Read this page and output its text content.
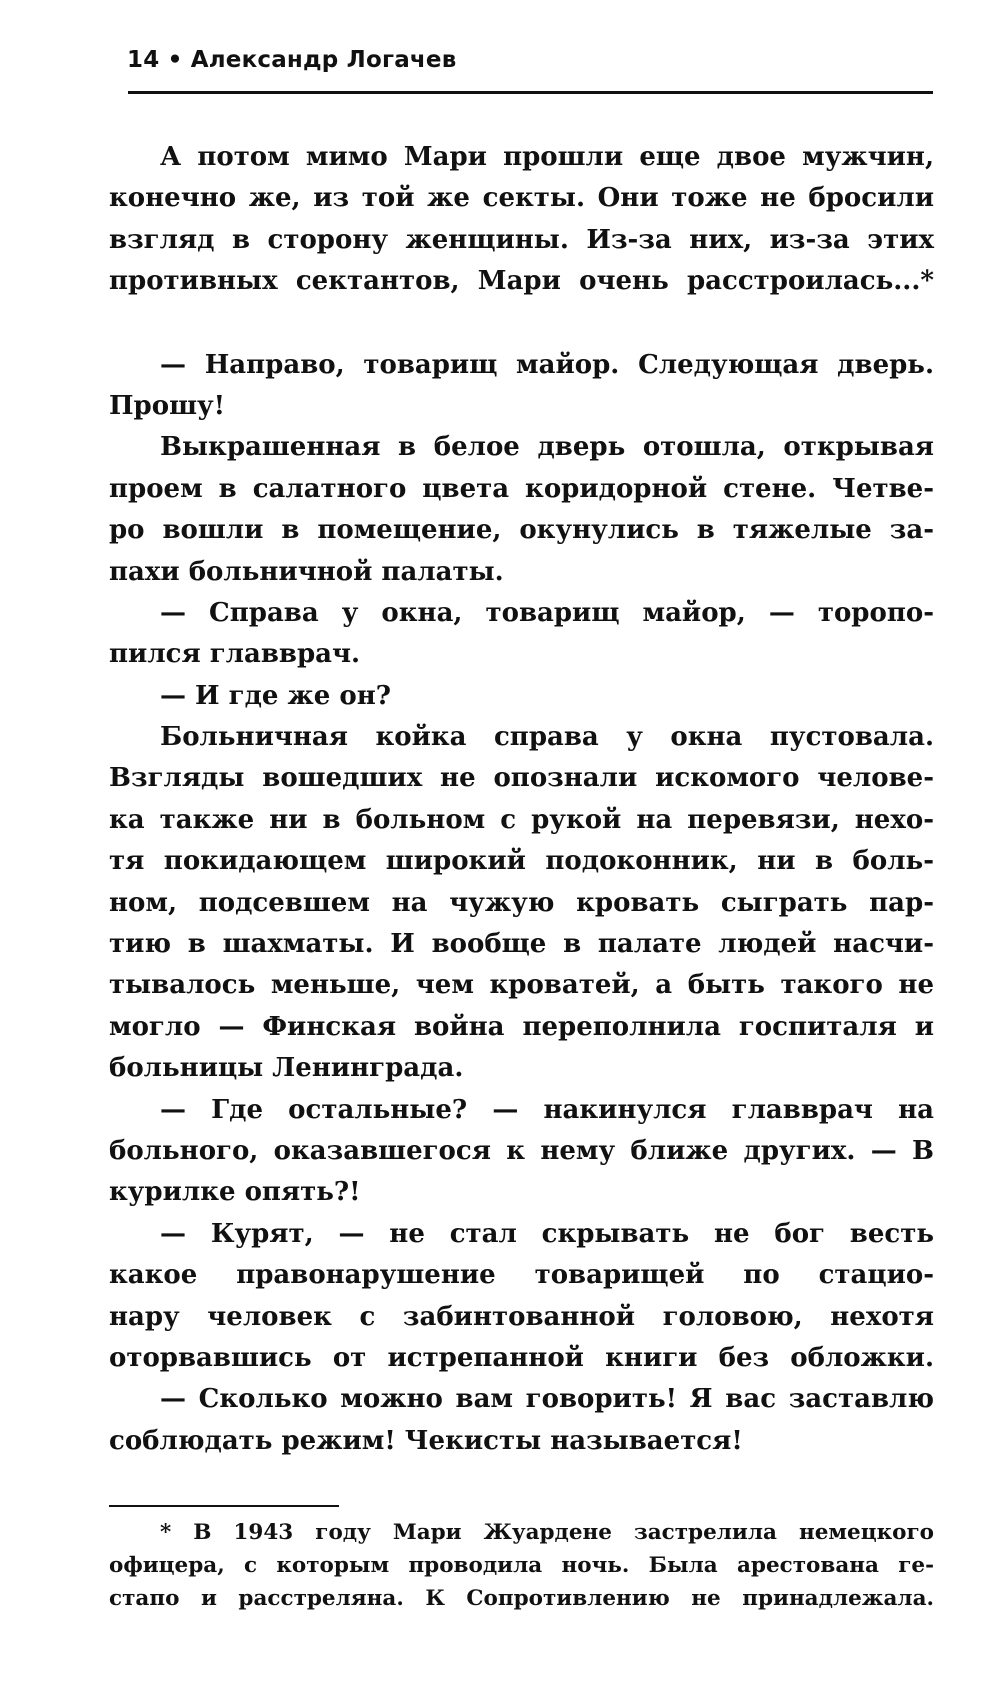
14 • Александр Логачев
А потом мимо Мари прошли еще двое мужчин,
конечно же, из той же секты. Они тоже не бросили
взгляд в сторону женщины. Из-за них, из-за этих
противных сектантов, Мари очень расстроилась...*
— Направо, товарищ майор. Следующая дверь.
Прошу!
Выкрашенная в белое дверь отошла, открывая
проем в салатного цвета коридорной стене. Четве-
ро вошли в помещение, окунулись в тяжелые за-
пахи больничной палаты.
— Справа у окна, товарищ майор, — торопо-
пился главврач.
— И где же он?
Больничная койка справа у окна пустовала.
Взгляды вошедших не опознали искомого челове-
ка также ни в больном с рукой на перевязи, нехо-
тя покидающем широкий подоконник, ни в боль-
ном, подсевшем на чужую кровать сыграть пар-
тию в шахматы. И вообще в палате людей насчи-
тывалось меньше, чем кроватей, а быть такого не
могло — Финская война переполнила госпиталя и
больницы Ленинграда.
— Где остальные? — накинулся главврач на
больного, оказавшегося к нему ближе других. — В
курилке опять?!
— Курят, — не стал скрывать не бог весть
какое правонарушение товарищей по стацио-
нару человек с забинтованной головою, нехотя
оторвавшись от истрепанной книги без обложки.
— Сколько можно вам говорить! Я вас заставлю
соблюдать режим! Чекисты называется!
* В 1943 году Мари Жуардене застрелила немецкого
офицера, с которым проводила ночь. Была арестована ге-
стапо и расстреляна. К Сопротивлению не принадлежала.
